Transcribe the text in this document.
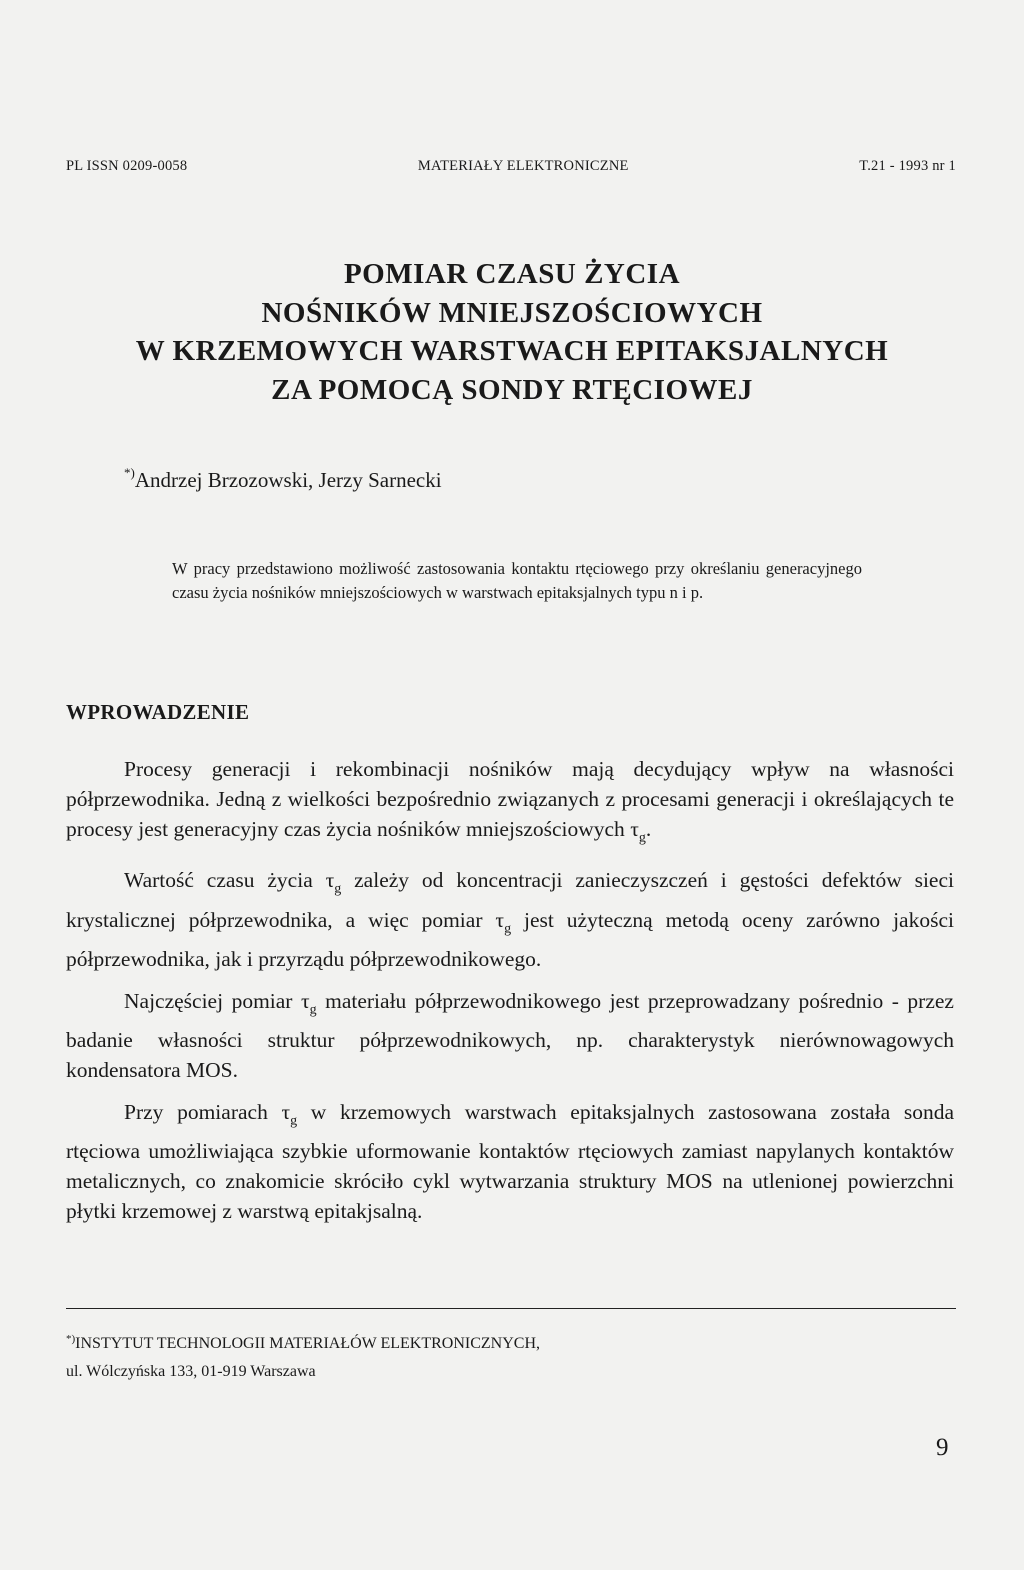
PL ISSN 0209-0058	MATERIAŁY ELEKTRONICZNE	T.21 - 1993 nr 1
POMIAR CZASU ŻYCIA
NOŚNIKÓW MNIEJSZOŚCIOWYCH
W KRZEMOWYCH WARSTWACH EPITAKSJALNYCH
ZA POMOCĄ SONDY RTĘCIOWEJ
*)Andrzej Brzozowski, Jerzy Sarnecki
W pracy przedstawiono możliwość zastosowania kontaktu rtęciowego przy określaniu generacyjnego czasu życia nośników mniejszościowych w warstwach epitaksjalnych typu n i p.
WPROWADZENIE

Procesy generacji i rekombinacji nośników mają decydujący wpływ na własności półprzewodnika. Jedną z wielkości bezpośrednio związanych z procesami generacji i określających te procesy jest generacyjny czas życia nośników mniejszościowych $\tau_g$.

Wartość czasu życia $\tau_g$ zależy od koncentracji zanieczyszczeń i gęstości defektów sieci krystalicznej półprzewodnika, a więc pomiar $\tau_g$ jest użyteczną metodą oceny zarówno jakości półprzewodnika, jak i przyrządu półprzewodnikowego.

Najczęściej pomiar $\tau_g$ materiału półprzewodnikowego jest przeprowadzany pośrednio - przez badanie własności struktur półprzewodnikowych, np. charakterystyk nierównowagowych kondensatora MOS.

Przy pomiarach $\tau_g$ w krzemowych warstwach epitaksjalnych zastosowana została sonda rtęciowa umożliwiająca szybkie uformowanie kontaktów rtęciowych zamiast napylanych kontaktów metalicznych, co znakomicie skróciło cykl wytwarzania struktury MOS na utlenionej powierzchni płytki krzemowej z warstwą epitakjsalną.

*)INSTYTUT TECHNOLOGII MATERIAŁÓW ELEKTRONICZNYCH,
ul. Wólczyńska 133, 01-919 Warszawa
9
